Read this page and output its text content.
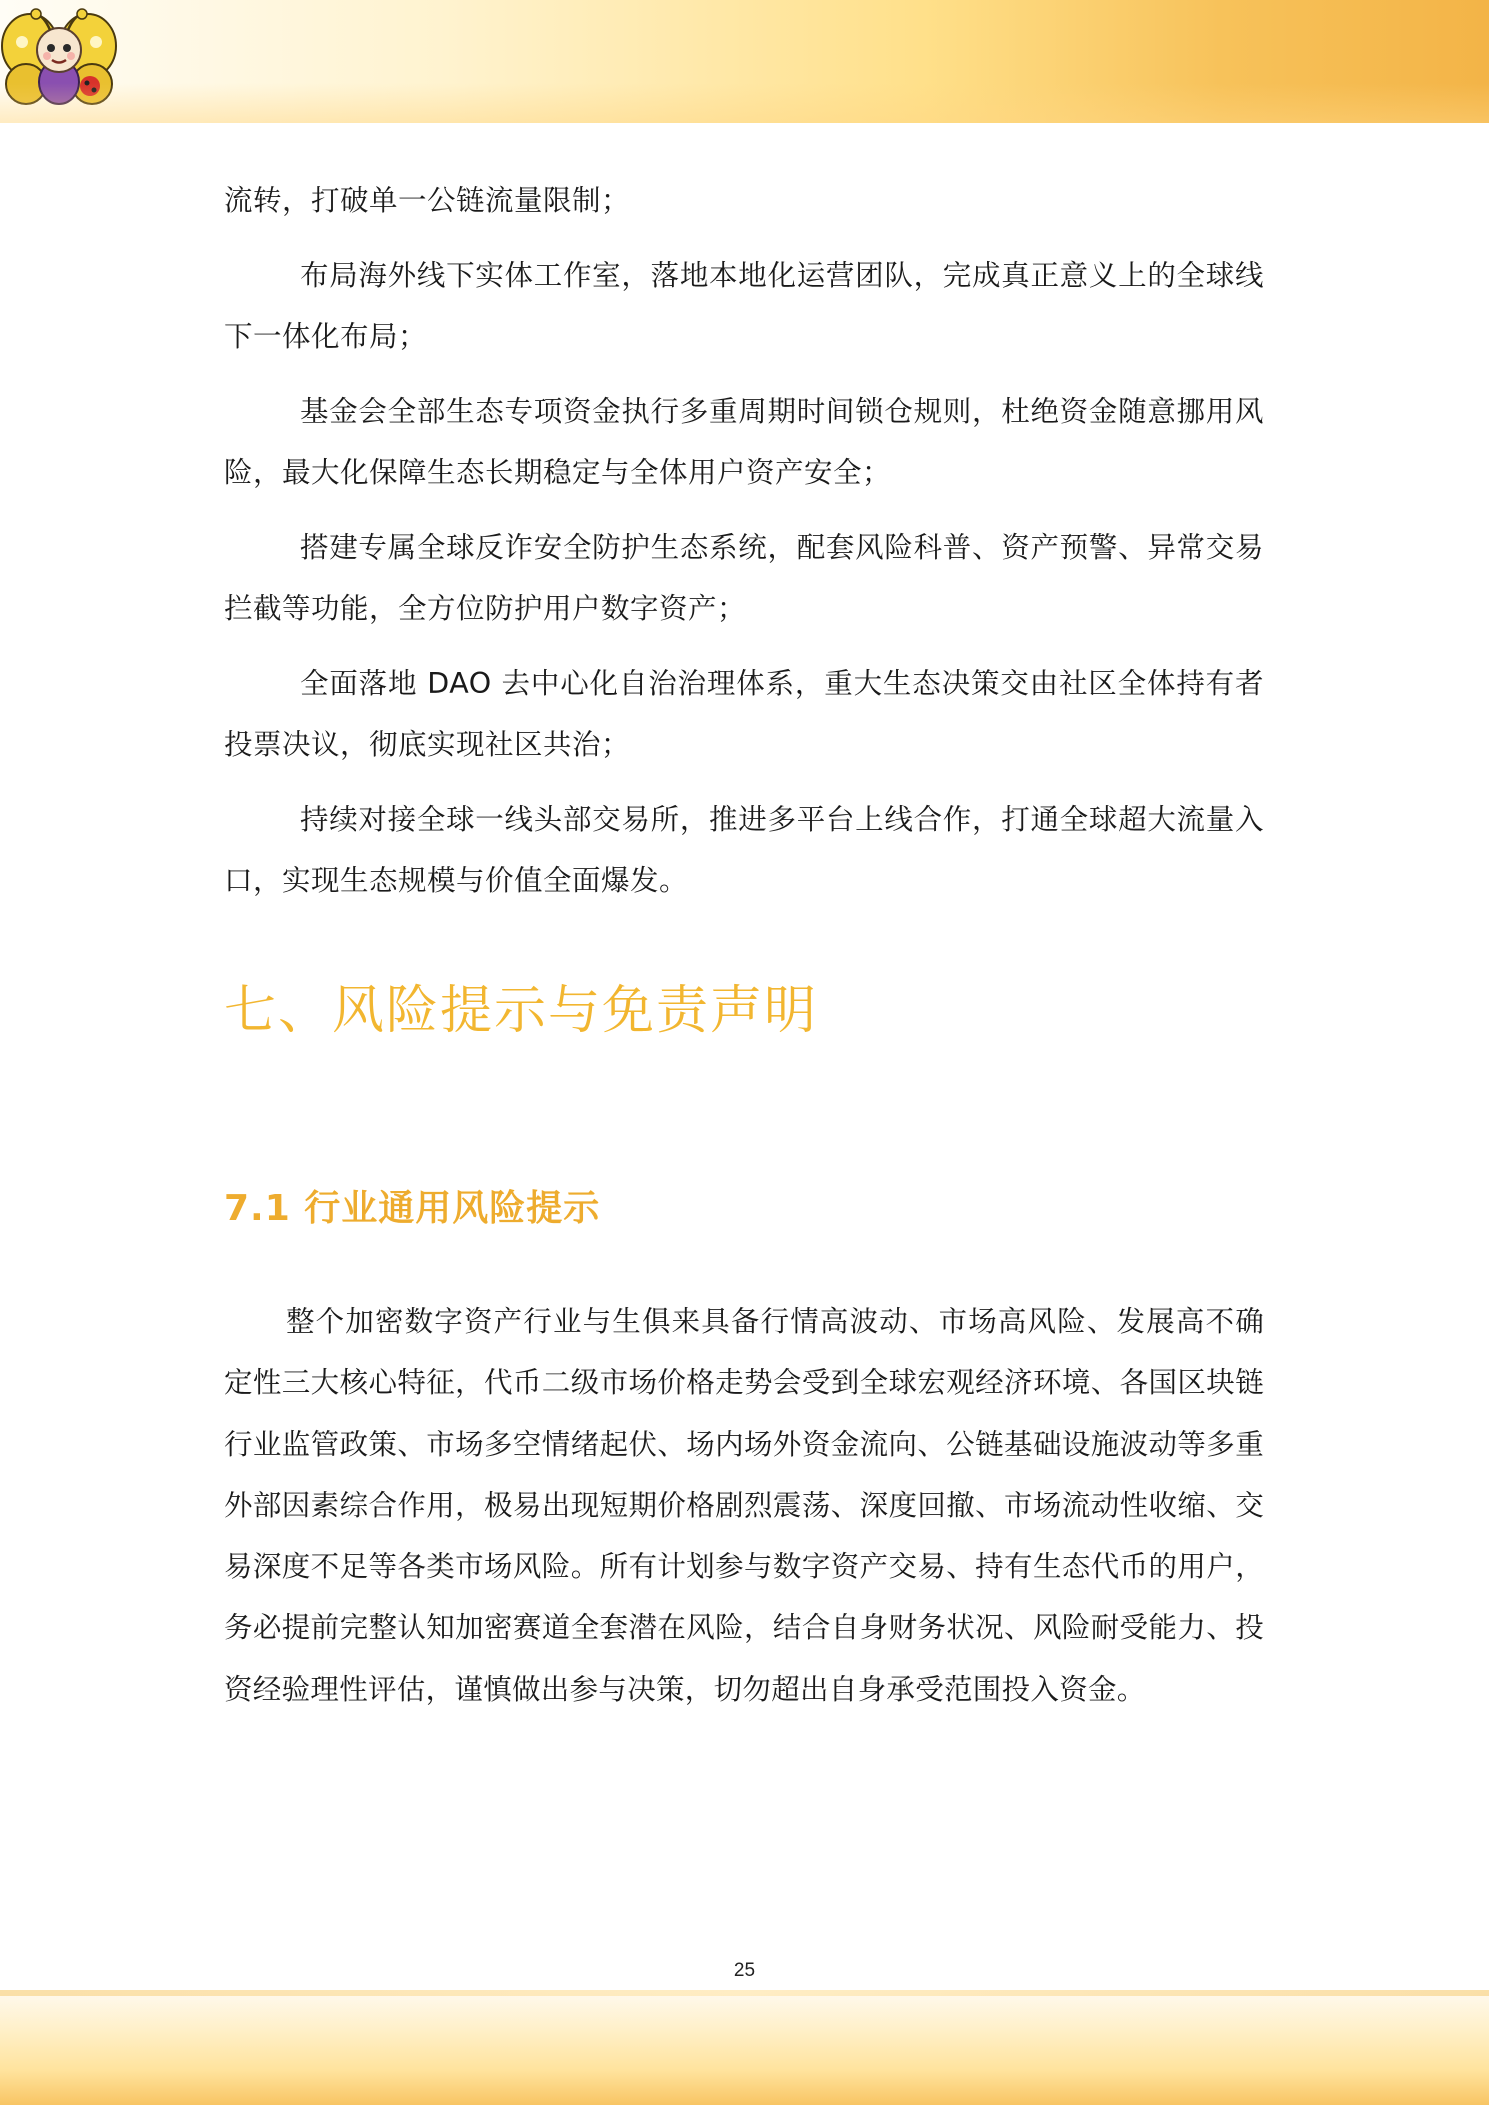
流转，打破单一公链流量限制；

布局海外线下实体工作室，落地本地化运营团队，完成真正意义上的全球线下一体化布局；

基金会全部生态专项资金执行多重周期时间锁仓规则，杜绝资金随意挪用风险，最大化保障生态长期稳定与全体用户资产安全；

搭建专属全球反诈安全防护生态系统，配套风险科普、资产预警、异常交易拦截等功能，全方位防护用户数字资产；

全面落地 DAO 去中心化自治治理体系，重大生态决策交由社区全体持有者投票决议，彻底实现社区共治；

持续对接全球一线头部交易所，推进多平台上线合作，打通全球超大流量入口，实现生态规模与价值全面爆发。

七、风险提示与免责声明
7.1 行业通用风险提示

整个加密数字资产行业与生俱来具备行情高波动、市场高风险、发展高不确定性三大核心特征，代币二级市场价格走势会受到全球宏观经济环境、各国区块链行业监管政策、市场多空情绪起伏、场内场外资金流向、公链基础设施波动等多重外部因素综合作用，极易出现短期价格剧烈震荡、深度回撤、市场流动性收缩、交易深度不足等各类市场风险。所有计划参与数字资产交易、持有生态代币的用户，务必提前完整认知加密赛道全套潜在风险，结合自身财务状况、风险耐受能力、投资经验理性评估，谨慎做出参与决策，切勿超出自身承受范围投入资金。

25
